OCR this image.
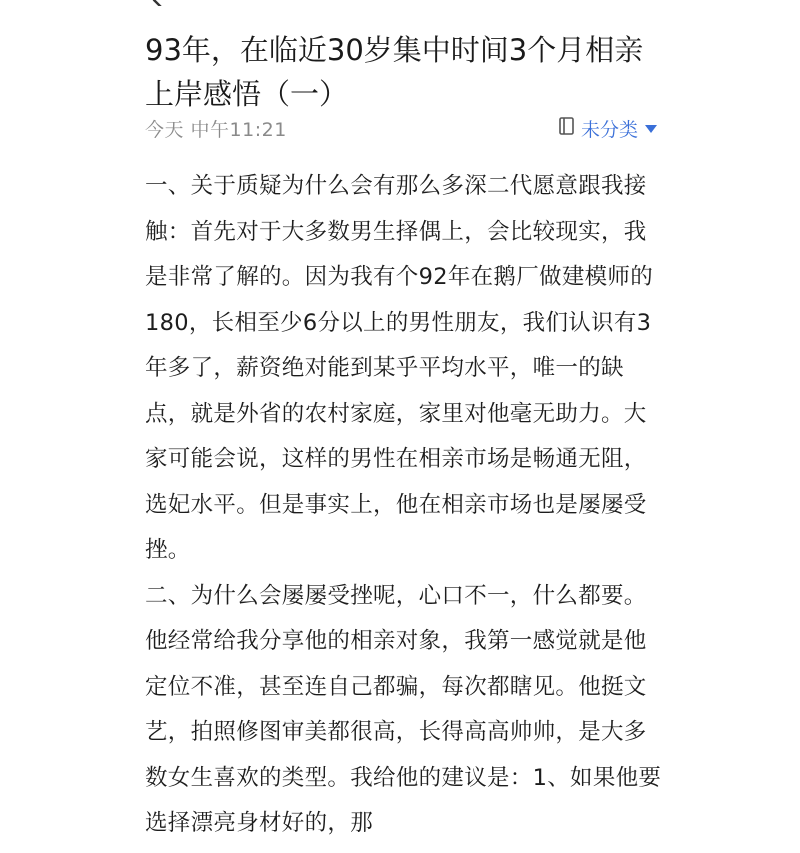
93年，在临近30岁集中时间3个月相亲上岸感悟（一）
今天 中午11:21	未分类

一、关于质疑为什么会有那么多深二代愿意跟我接触：首先对于大多数男生择偶上，会比较现实，我是非常了解的。因为我有个92年在鹅厂做建模师的180，长相至少6分以上的男性朋友，我们认识有3年多了，薪资绝对能到某乎平均水平，唯一的缺点，就是外省的农村家庭，家里对他毫无助力。大家可能会说，这样的男性在相亲市场是畅通无阻，选妃水平。但是事实上，他在相亲市场也是屡屡受挫。

二、为什么会屡屡受挫呢，心口不一，什么都要。他经常给我分享他的相亲对象，我第一感觉就是他定位不准，甚至连自己都骗，每次都瞎见。他挺文艺，拍照修图审美都很高，长得高高帅帅，是大多数女生喜欢的类型。我给他的建议是：1、如果他要选择漂亮身材好的，那
